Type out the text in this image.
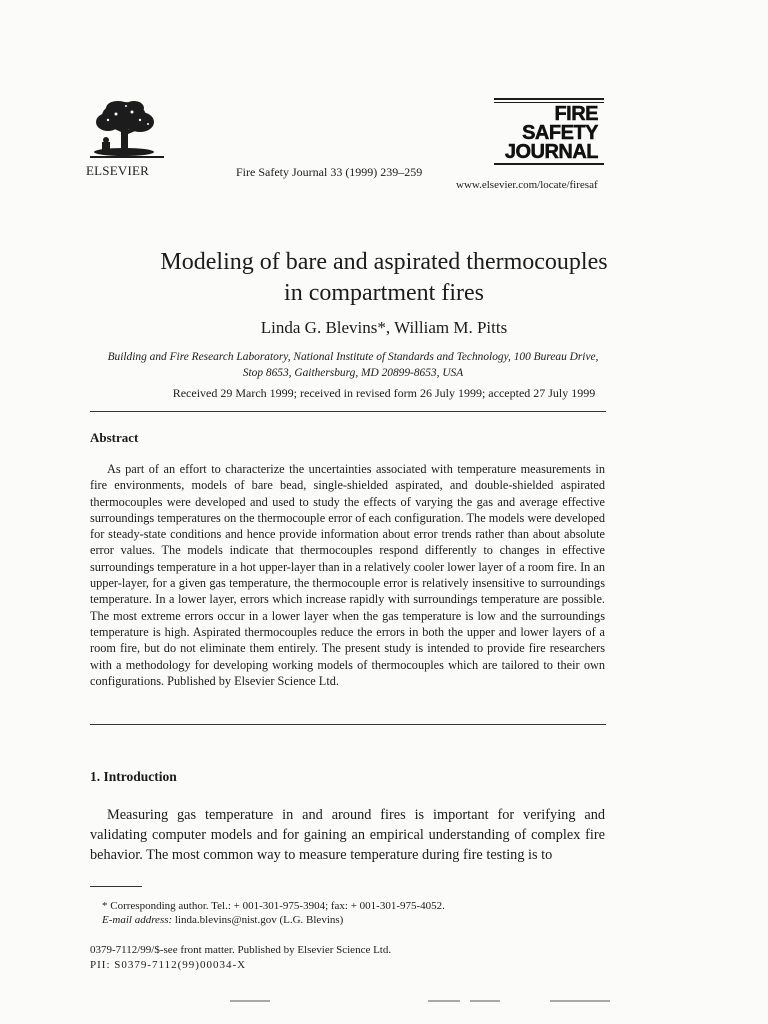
ELSEVIER	Fire Safety Journal 33 (1999) 239–259
FIRE
SAFETY
JOURNAL
www.elsevier.com/locate/firesaf
Modeling of bare and aspirated thermocouples
in compartment fires
Linda G. Blevins*, William M. Pitts
Building and Fire Research Laboratory, National Institute of Standards and Technology, 100 Bureau Drive,
Stop 8653, Gaithersburg, MD 20899-8653, USA
Received 29 March 1999; received in revised form 26 July 1999; accepted 27 July 1999
Abstract

As part of an effort to characterize the uncertainties associated with temperature measurements in fire environments, models of bare bead, single-shielded aspirated, and double-shielded aspirated thermocouples were developed and used to study the effects of varying the gas and average effective surroundings temperatures on the thermocouple error of each configuration. The models were developed for steady-state conditions and hence provide information about error trends rather than about absolute error values. The models indicate that thermocouples respond differently to changes in effective surroundings temperature in a hot upper-layer than in a relatively cooler lower layer of a room fire. In an upper-layer, for a given gas temperature, the thermocouple error is relatively insensitive to surroundings temperature. In a lower layer, errors which increase rapidly with surroundings temperature are possible. The most extreme errors occur in a lower layer when the gas temperature is low and the surroundings temperature is high. Aspirated thermocouples reduce the errors in both the upper and lower layers of a room fire, but do not eliminate them entirely. The present study is intended to provide fire researchers with a methodology for developing working models of thermocouples which are tailored to their own configurations. Published by Elsevier Science Ltd.

1. Introduction

Measuring gas temperature in and around fires is important for verifying and validating computer models and for gaining an empirical understanding of complex fire behavior. The most common way to measure temperature during fire testing is to

* Corresponding author. Tel.: + 001-301-975-3904; fax: + 001-301-975-4052.
E-mail address: linda.blevins@nist.gov (L.G. Blevins)
0379-7112/99/$-see front matter. Published by Elsevier Science Ltd.
PII: S0379-7112(99)00034-X
